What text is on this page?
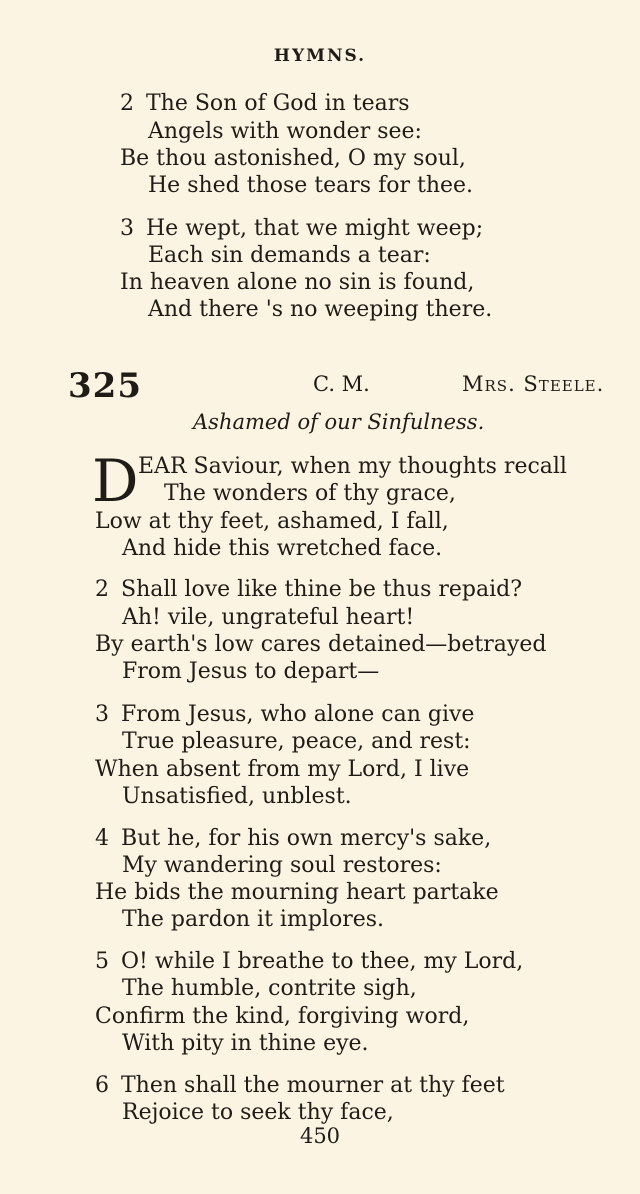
HYMNS.
2 The Son of God in tears
Angels with wonder see:
Be thou astonished, O my soul,
He shed those tears for thee.
3 He wept, that we might weep;
Each sin demands a tear:
In heaven alone no sin is found,
And there 's no weeping there.
325	C. M.	Mrs. Steele.
Ashamed of our Sinfulness.
D EAR Saviour, when my thoughts recall
The wonders of thy grace,
Low at thy feet, ashamed, I fall,
And hide this wretched face.
2 Shall love like thine be thus repaid?
Ah! vile, ungrateful heart!
By earth's low cares detained—betrayed
From Jesus to depart—
3 From Jesus, who alone can give
True pleasure, peace, and rest:
When absent from my Lord, I live
Unsatisfied, unblest.
4 But he, for his own mercy's sake,
My wandering soul restores:
He bids the mourning heart partake
The pardon it implores.
5 O! while I breathe to thee, my Lord,
The humble, contrite sigh,
Confirm the kind, forgiving word,
With pity in thine eye.
6 Then shall the mourner at thy feet
Rejoice to seek thy face,
450
